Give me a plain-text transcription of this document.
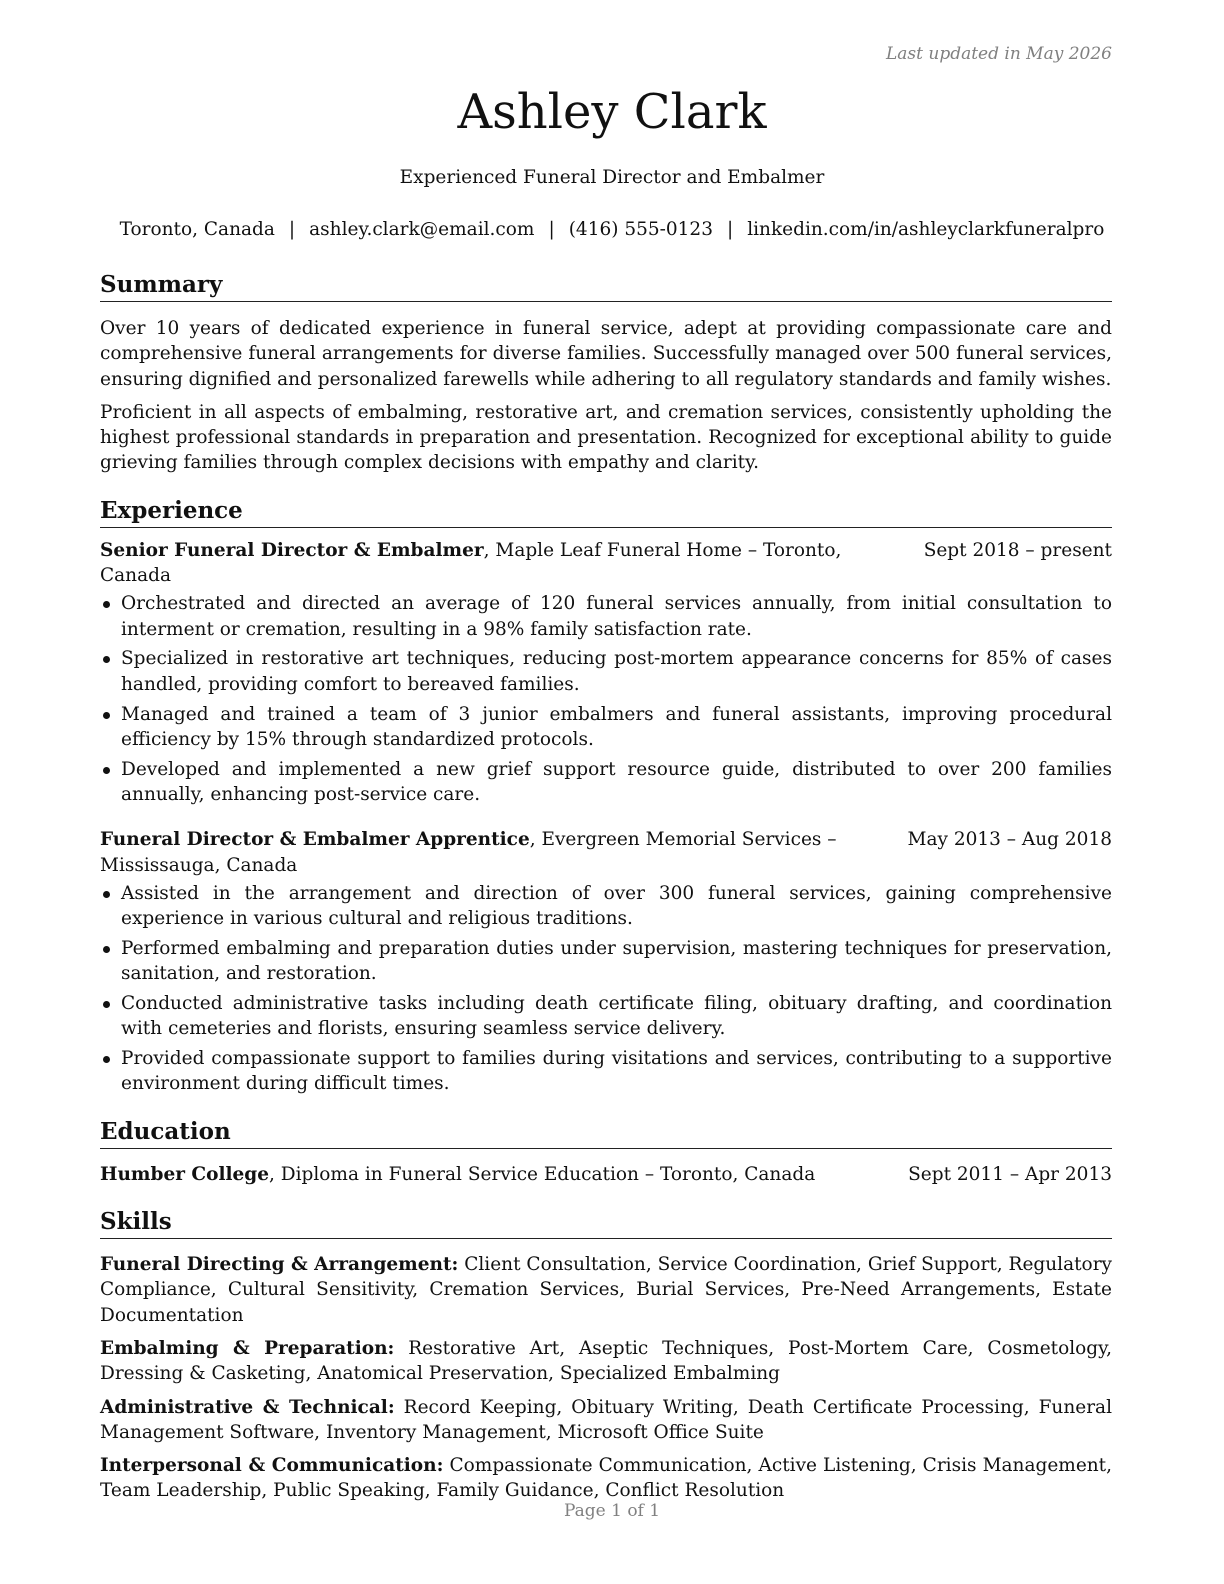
Last updated in May 2026
Ashley Clark

Experienced Funeral Director and Embalmer

Toronto, Canada | ashley.clark@email.com | (416) 555-0123 | linkedin.com/in/ashleyclarkfuneralpro

Summary

Over 10 years of dedicated experience in funeral service, adept at providing compassionate care and comprehensive funeral arrangements for diverse families. Successfully managed over 500 funeral services, ensuring dignified and personalized farewells while adhering to all regulatory standards and family wishes.

Proficient in all aspects of embalming, restorative art, and cremation services, consistently upholding the highest professional standards in preparation and presentation. Recognized for exceptional ability to guide grieving families through complex decisions with empathy and clarity.

Experience
Senior Funeral Director & Embalmer, Maple Leaf Funeral Home – Toronto, Canada
Sept 2018 – present
Orchestrated and directed an average of 120 funeral services annually, from initial consultation to interment or cremation, resulting in a 98% family satisfaction rate.
Specialized in restorative art techniques, reducing post-mortem appearance concerns for 85% of cases handled, providing comfort to bereaved families.
Managed and trained a team of 3 junior embalmers and funeral assistants, improving procedural efficiency by 15% through standardized protocols.
Developed and implemented a new grief support resource guide, distributed to over 200 families annually, enhancing post-service care.
Funeral Director & Embalmer Apprentice, Evergreen Memorial Services – Mississauga, Canada
May 2013 – Aug 2018
Assisted in the arrangement and direction of over 300 funeral services, gaining comprehensive experience in various cultural and religious traditions.
Performed embalming and preparation duties under supervision, mastering techniques for preservation, sanitation, and restoration.
Conducted administrative tasks including death certificate filing, obituary drafting, and coordination with cemeteries and florists, ensuring seamless service delivery.
Provided compassionate support to families during visitations and services, contributing to a supportive environment during difficult times.
Education
Humber College, Diploma in Funeral Service Education – Toronto, Canada	Sept 2011 – Apr 2013
Skills
Funeral Directing & Arrangement: Client Consultation, Service Coordination, Grief Support, Regulatory Compliance, Cultural Sensitivity, Cremation Services, Burial Services, Pre-Need Arrangements, Estate Documentation
Embalming & Preparation: Restorative Art, Aseptic Techniques, Post-Mortem Care, Cosmetology, Dressing & Casketing, Anatomical Preservation, Specialized Embalming
Administrative & Technical: Record Keeping, Obituary Writing, Death Certificate Processing, Funeral Management Software, Inventory Management, Microsoft Office Suite
Interpersonal & Communication: Compassionate Communication, Active Listening, Crisis Management, Team Leadership, Public Speaking, Family Guidance, Conflict Resolution
Page 1 of 1
